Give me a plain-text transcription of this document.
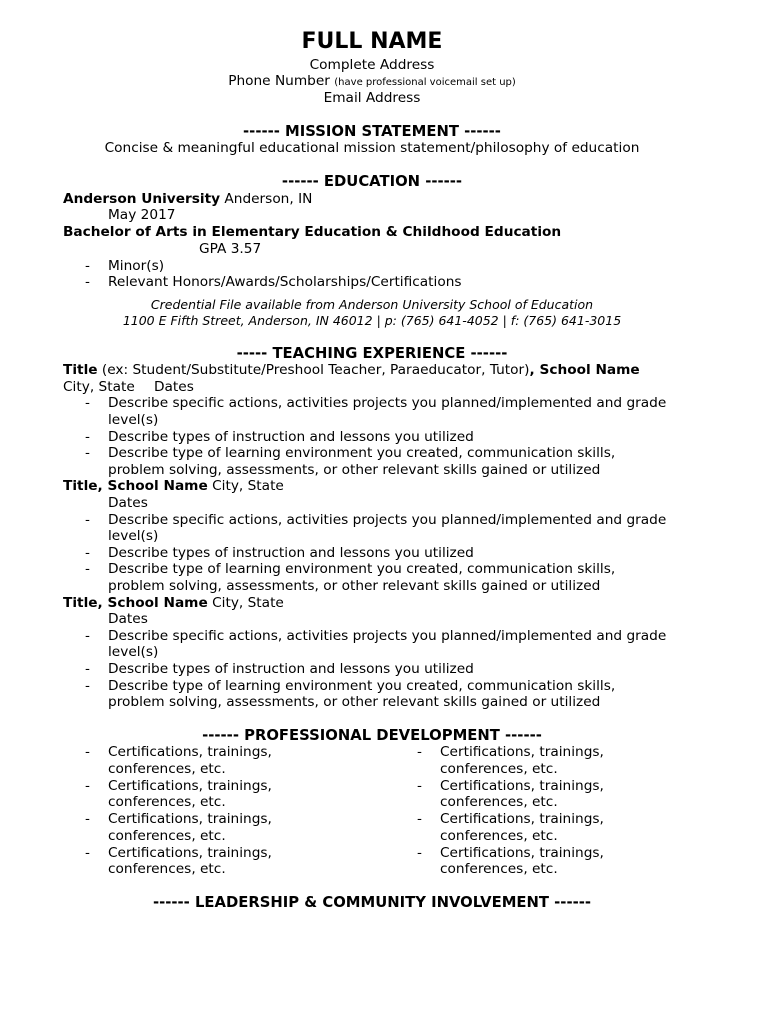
FULL NAME
Complete Address
Phone Number (have professional voicemail set up)
Email Address
------ MISSION STATEMENT ------
Concise & meaningful educational mission statement/philosophy of education
------ EDUCATION ------
Anderson University Anderson, IN
May 2017
Bachelor of Arts in Elementary Education & Childhood Education
GPA 3.57
- Minor(s)
- Relevant Honors/Awards/Scholarships/Certifications
Credential File available from Anderson University School of Education
1100 E Fifth Street, Anderson, IN 46012 | p: (765) 641-4052 | f: (765) 641-3015
----- TEACHING EXPERIENCE ------
Title (ex: Student/Substitute/Preshool Teacher, Paraeducator, Tutor), School Name
City, State Dates
- Describe specific actions, activities projects you planned/implemented and grade
level(s)
- Describe types of instruction and lessons you utilized
- Describe type of learning environment you created, communication skills,
problem solving, assessments, or other relevant skills gained or utilized
Title, School Name City, State
Dates
- Describe specific actions, activities projects you planned/implemented and grade
level(s)
- Describe types of instruction and lessons you utilized
- Describe type of learning environment you created, communication skills,
problem solving, assessments, or other relevant skills gained or utilized
Title, School Name City, State
Dates
- Describe specific actions, activities projects you planned/implemented and grade
level(s)
- Describe types of instruction and lessons you utilized
- Describe type of learning environment you created, communication skills,
problem solving, assessments, or other relevant skills gained or utilized
------ PROFESSIONAL DEVELOPMENT ------
- Certifications, trainings,
conferences, etc.
- Certifications, trainings,
conferences, etc.
- Certifications, trainings,
conferences, etc.
- Certifications, trainings,
conferences, etc.
- Certifications, trainings,
conferences, etc.
- Certifications, trainings,
conferences, etc.
- Certifications, trainings,
conferences, etc.
- Certifications, trainings,
conferences, etc.
------ LEADERSHIP & COMMUNITY INVOLVEMENT ------
